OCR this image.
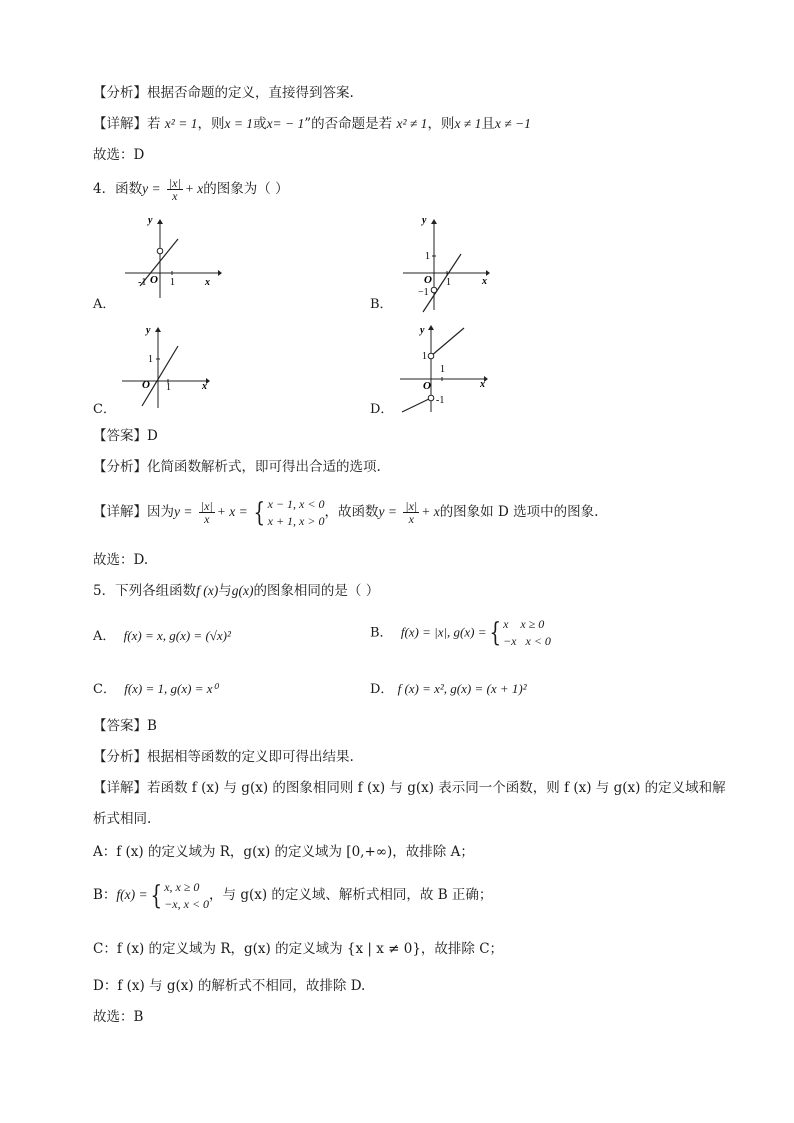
【分析】根据否命题的定义，直接得到答案.
【详解】若 x² = 1，则x = 1或x= − 1”的否命题是若 x² ≠ 1，则x ≠ 1且x ≠ −1
故选：D
4．函数$y = \frac{|x|}{x} + x$的图象为（ ）
y
x
O 1
-1
A．
y
x
O
1
1
−1
B．
y
x
O
1
1
C．
y
x
O
1
1
-1
D．
【答案】D
【分析】化简函数解析式，即可得出合适的选项.
【详解】因为$y = \frac{|x|}{x} + x$ = { x − 1, x < 0
x + 1, x > 0
，故函数$y = \frac{|x|}{x} + x$的图象如 D 选项中的图象.
故选：D.
5．下列各组函数f (x)与g(x)的图象相同的是（ ）
A． f(x) = x, g(x) = (√x)²	B． f(x) = |x|, g(x) ={ x    x ≥ 0
−x   x < 0
C． f(x) = 1, g(x) = x⁰	D． f (x) = x², g(x) = (x + 1)²
【答案】B
【分析】根据相等函数的定义即可得出结果.
【详解】若函数 f (x) 与 g(x) 的图象相同则 f (x) 与 g(x) 表示同一个函数，则 f (x) 与 g(x) 的定义域和解
析式相同.
A：f (x) 的定义域为 R，g(x) 的定义域为 [0,+∞)，故排除 A；
B：f(x) ={ x, x ≥ 0
−x, x < 0
，与 g(x) 的定义域、解析式相同，故 B 正确；
C：f (x) 的定义域为 R，g(x) 的定义域为 {x | x ≠ 0}，故排除 C；
D：f (x) 与 g(x) 的解析式不相同，故排除 D.
故选：B
